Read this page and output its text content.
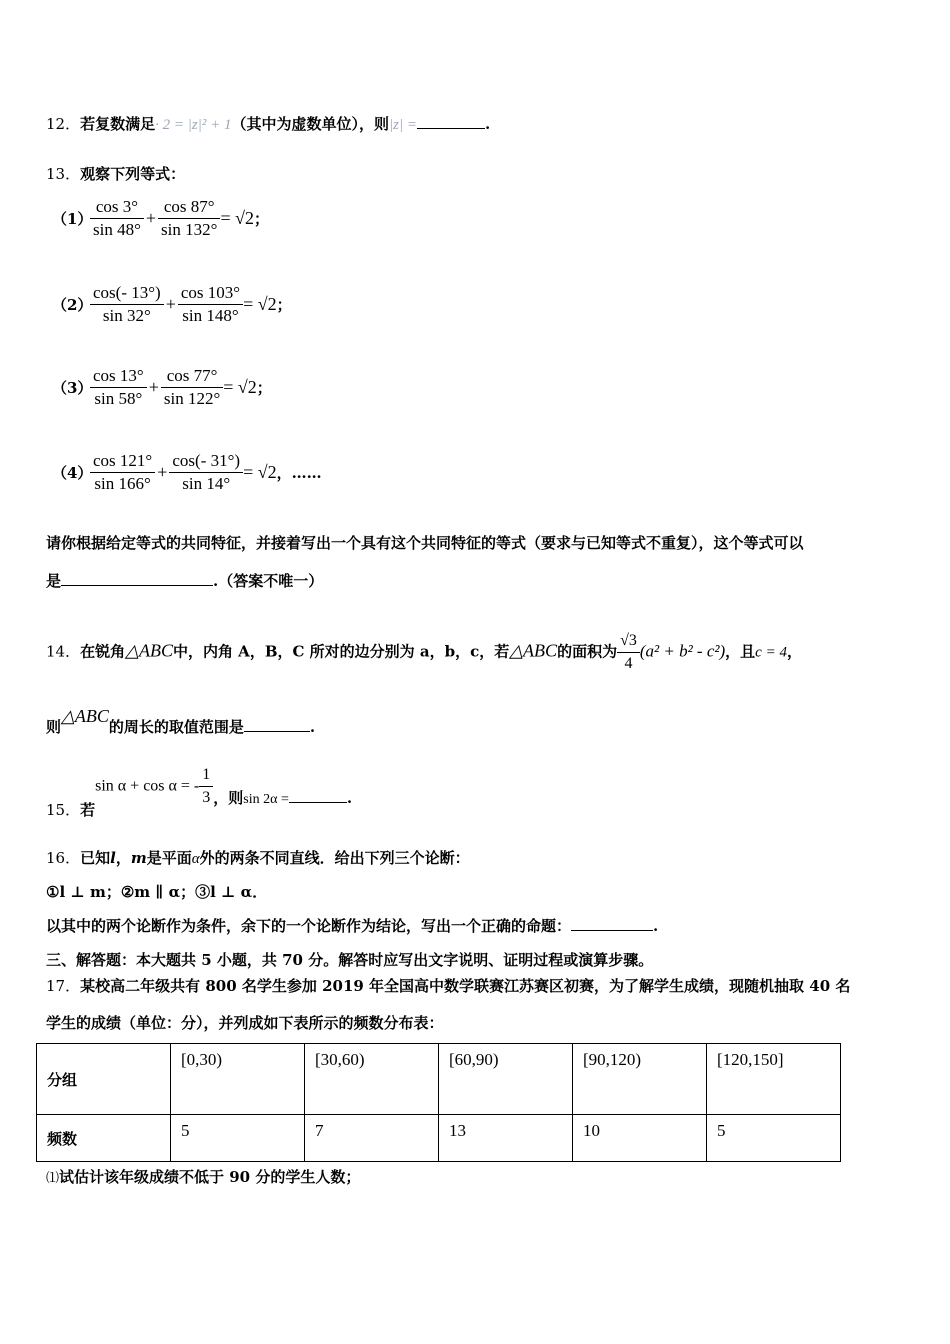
12．若复数满足· 2 = |z|² + 1（其中为虚数单位），则|z| =	.
13．观察下列等式：
（1）
$\frac{\cos 3^\circ}{\sin 48^\circ} + \frac{\cos 87^\circ}{\sin 132^\circ} = √2$；
（2）
$\frac{\cos(- 13^\circ)}{\sin 32^\circ} + \frac{\cos 103^\circ}{\sin 148^\circ} = √2$；
（3）
$\frac{\cos 13^\circ}{\sin 58^\circ} + \frac{\cos 77^\circ}{\sin 122^\circ} = √2$；
（4）
$\frac{\cos 121^\circ}{\sin 166^\circ} + \frac{\cos(- 31^\circ)}{\sin 14^\circ} = √2$，……
请你根据给定等式的共同特征，并接着写出一个具有这个共同特征的等式（要求与已知等式不重复），这个等式可以
是	.（答案不唯一）
14．在锐角△ABC中，内角 A，B，C 所对的边分别为 a，b，c，若△ABC的面积为 $\frac{√3}{4} (a^2 + b^2 - c^2)$，且c = 4，
则△ABC的周长的取值范围是	.
15．若sin α + cos α = - $\frac{1}{3}$ ，则sin 2α =	.
16．已知l，m是平面α外的两条不同直线．给出下列三个论断：
①l ⊥ m；②m ∥ α；③l ⊥ α．
以其中的两个论断作为条件，余下的一个论断作为结论，写出一个正确的命题：	.
三、解答题：本大题共 5 小题，共 70 分。解答时应写出文字说明、证明过程或演算步骤。
17．某校高二年级共有 800 名学生参加 2019 年全国高中数学联赛江苏赛区初赛，为了解学生成绩，现随机抽取 40 名
学生的成绩（单位：分），并列成如下表所示的频数分布表：
分组	[0,30)	[30,60)	[60,90)	[90,120)	[120,150]
频数	5	7	13	10	5
⑴试估计该年级成绩不低于 90 分的学生人数；
